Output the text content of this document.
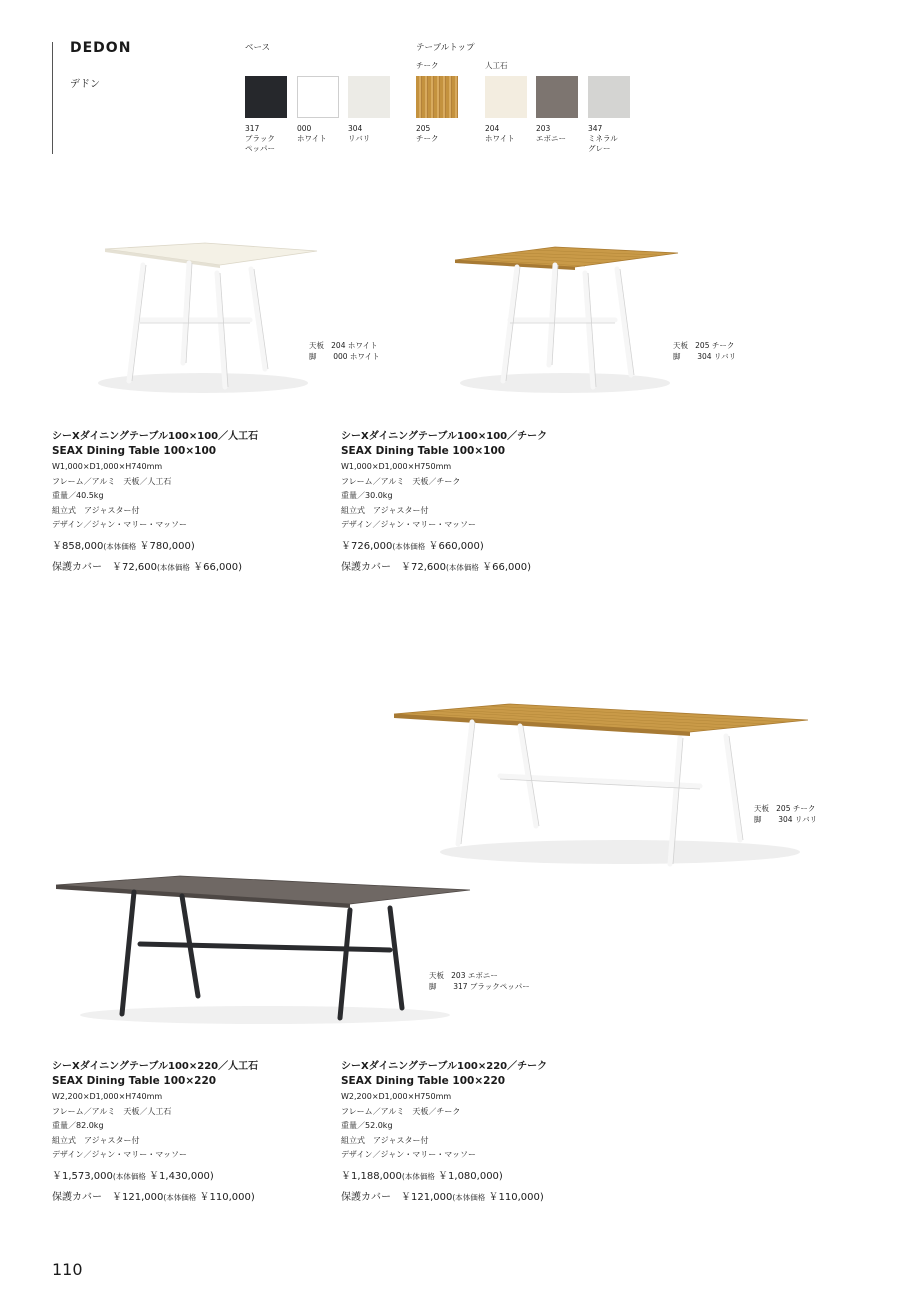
DEDON
デドン
ベース	テーブルトップ
チーク	人工石
317
ブラック
ペッパー
000
ホワイト
304
リバリ
205
チーク
204
ホワイト
203
エボニー
347
ミネラル
グレー
天板 204 ホワイト
脚 000 ホワイト
天板 205 チーク
脚 304 リバリ
天板 205 チーク
脚 304 リバリ
天板 203 エボニー
脚 317 ブラックペッパー
シーXダイニングテーブル100×100／人工石
SEAX Dining Table 100×100
W1,000×D1,000×H740mm
フレーム／アルミ　天板／人工石
重量／40.5kg
組立式　アジャスター付
デザイン／ジャン・マリー・マッソー
￥858,000(本体価格 ￥780,000)
保護カバー　￥72,600(本体価格 ￥66,000)
シーXダイニングテーブル100×100／チーク
SEAX Dining Table 100×100
W1,000×D1,000×H750mm
フレーム／アルミ　天板／チーク
重量／30.0kg
組立式　アジャスター付
デザイン／ジャン・マリー・マッソー
￥726,000(本体価格 ￥660,000)
保護カバー　￥72,600(本体価格 ￥66,000)
シーXダイニングテーブル100×220／人工石
SEAX Dining Table 100×220
W2,200×D1,000×H740mm
フレーム／アルミ　天板／人工石
重量／82.0kg
組立式　アジャスター付
デザイン／ジャン・マリー・マッソー
￥1,573,000(本体価格 ￥1,430,000)
保護カバー　￥121,000(本体価格 ￥110,000)
シーXダイニングテーブル100×220／チーク
SEAX Dining Table 100×220
W2,200×D1,000×H750mm
フレーム／アルミ　天板／チーク
重量／52.0kg
組立式　アジャスター付
デザイン／ジャン・マリー・マッソー
￥1,188,000(本体価格 ￥1,080,000)
保護カバー　￥121,000(本体価格 ￥110,000)
110
